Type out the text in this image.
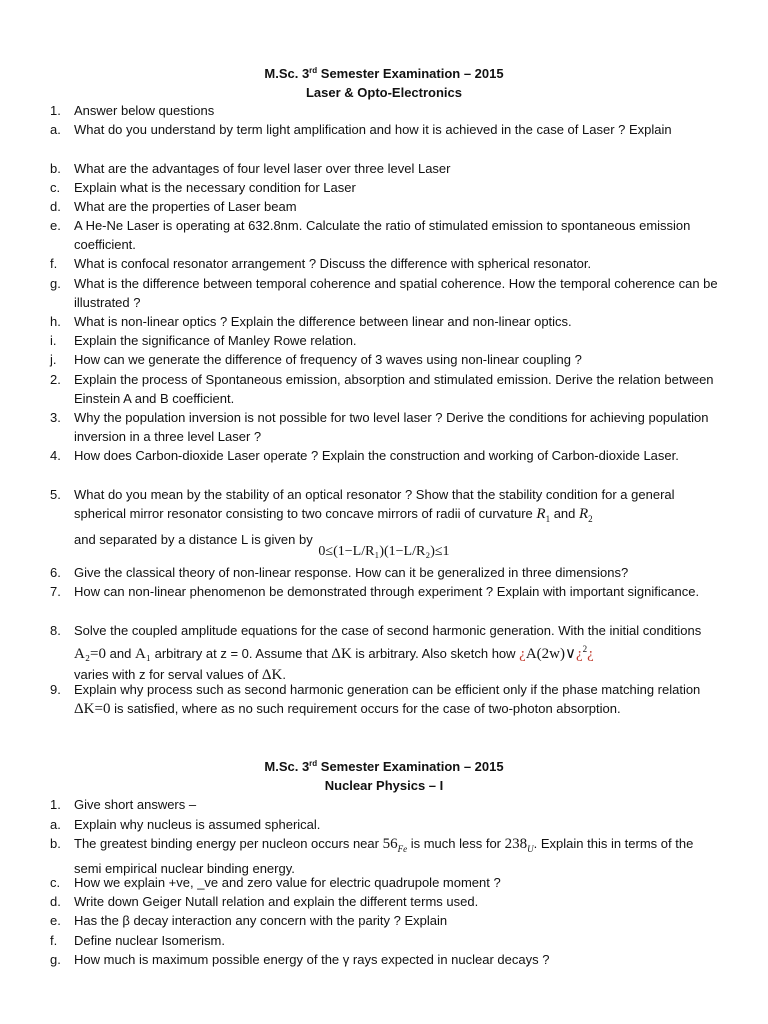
M.Sc. 3rd Semester Examination – 2015
Laser & Opto-Electronics
1. Answer below questions
a. What do you understand by term light amplification and how it is achieved in the case of Laser ? Explain
b. What are the advantages of four level laser over three level Laser
c. Explain what is the necessary condition for Laser
d. What are the properties of Laser beam
e. A He-Ne Laser is operating at 632.8nm. Calculate the ratio of stimulated emission to spontaneous emission coefficient.
f. What is confocal resonator arrangement ? Discuss the difference with spherical resonator.
g. What is the difference between temporal coherence and spatial coherence. How the temporal coherence can be illustrated ?
h. What is non-linear optics ? Explain the difference between linear and non-linear optics.
i. Explain the significance of Manley Rowe relation.
j. How can we generate the difference of frequency of 3 waves using non-linear coupling ?
2. Explain the process of Spontaneous emission, absorption and stimulated emission. Derive the relation between Einstein A and B coefficient.
3. Why the population inversion is not possible for two level laser ? Derive the conditions for achieving population inversion in a three level Laser ?
4. How does Carbon-dioxide Laser operate ? Explain the construction and working of Carbon-dioxide Laser.
5. What do you mean by the stability of an optical resonator ? Show that the stability condition for a general spherical mirror resonator consisting to two concave mirrors of radii of curvature $R_1$ and $R_2$
and separated by a distance L is given by
0≤(1−L/R₁)(1−L/R₂)≤1
6. Give the classical theory of non-linear response. How can it be generalized in three dimensions?
7. How can non-linear phenomenon be demonstrated through experiment ? Explain with important significance.
8. Solve the coupled amplitude equations for the case of second harmonic generation. With the initial conditions A₂=0 and A₁ arbitrary at z = 0. Assume that ΔK is arbitrary. Also sketch how ¿A(2w)∨¿$^2$¿
varies with z for serval values of ΔK.
9. Explain why process such as second harmonic generation can be efficient only if the phase matching relation ΔK=0 is satisfied, where as no such requirement occurs for the case of two-photon absorption.
M.Sc. 3rd Semester Examination – 2015
Nuclear Physics – I
1. Give short answers –
a. Explain why nucleus is assumed spherical.
b. The greatest binding energy per nucleon occurs near $56_{Fe}$ is much less for $238_U$. Explain this in terms of the semi empirical nuclear binding energy.
c. How we explain +ve, _ve and zero value for electric quadrupole moment ?
d. Write down Geiger Nutall relation and explain the different terms used.
e. Has the β decay interaction any concern with the parity ? Explain
f. Define nuclear Isomerism.
g. How much is maximum possible energy of the γ rays expected in nuclear decays ?
